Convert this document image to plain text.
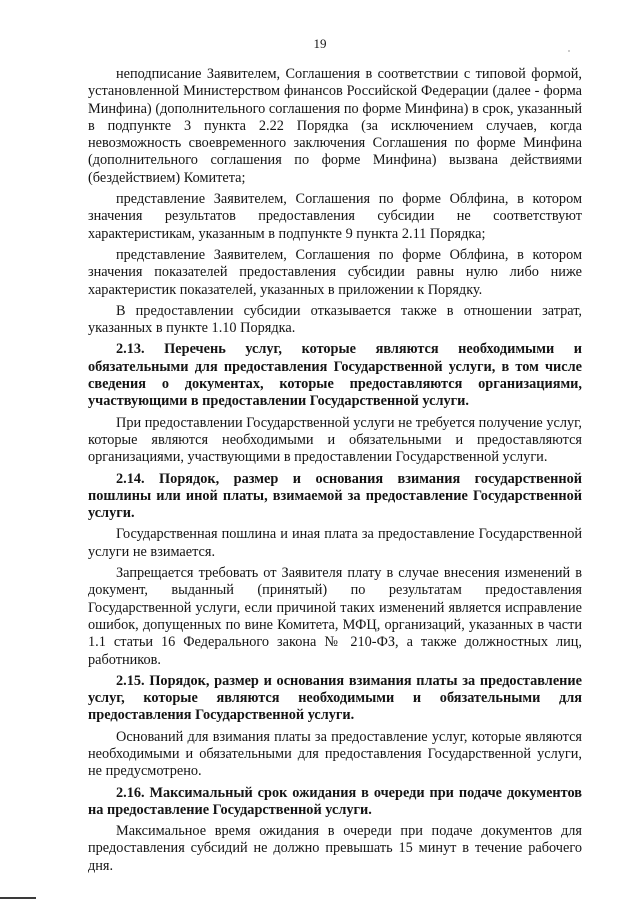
19

неподписание Заявителем, Соглашения в соответствии с типовой формой, установленной Министерством финансов Российской Федерации (далее - форма Минфина) (дополнительного соглашения по форме Минфина) в срок, указанный в подпункте 3 пункта 2.22 Порядка (за исключением случаев, когда невозможность своевременного заключения Соглашения по форме Минфина (дополнительного соглашения по форме Минфина) вызвана действиями (бездействием) Комитета;

представление Заявителем, Соглашения по форме Облфина, в котором значения результатов предоставления субсидии не соответствуют характеристикам, указанным в подпункте 9 пункта 2.11 Порядка;

представление Заявителем, Соглашения по форме Облфина, в котором значения показателей предоставления субсидии равны нулю либо ниже характеристик показателей, указанных в приложении к Порядку.

В предоставлении субсидии отказывается также в отношении затрат, указанных в пункте 1.10 Порядка.

2.13. Перечень услуг, которые являются необходимыми и обязательными для предоставления Государственной услуги, в том числе сведения о документах, которые предоставляются организациями, участвующими в предоставлении Государственной услуги.

При предоставлении Государственной услуги не требуется получение услуг, которые являются необходимыми и обязательными и предоставляются организациями, участвующими в предоставлении Государственной услуги.

2.14. Порядок, размер и основания взимания государственной пошлины или иной платы, взимаемой за предоставление Государственной услуги.

Государственная пошлина и иная плата за предоставление Государственной услуги не взимается.

Запрещается требовать от Заявителя плату в случае внесения изменений в документ, выданный (принятый) по результатам предоставления Государственной услуги, если причиной таких изменений является исправление ошибок, допущенных по вине Комитета, МФЦ, организаций, указанных в части 1.1 статьи 16 Федерального закона № 210-ФЗ, а также должностных лиц, работников.

2.15. Порядок, размер и основания взимания платы за предоставление услуг, которые являются необходимыми и обязательными для предоставления Государственной услуги.

Оснований для взимания платы за предоставление услуг, которые являются необходимыми и обязательными для предоставления Государственной услуги, не предусмотрено.

2.16. Максимальный срок ожидания в очереди при подаче документов на предоставление Государственной услуги.

Максимальное время ожидания в очереди при подаче документов для предоставления субсидий не должно превышать 15 минут в течение рабочего дня.
